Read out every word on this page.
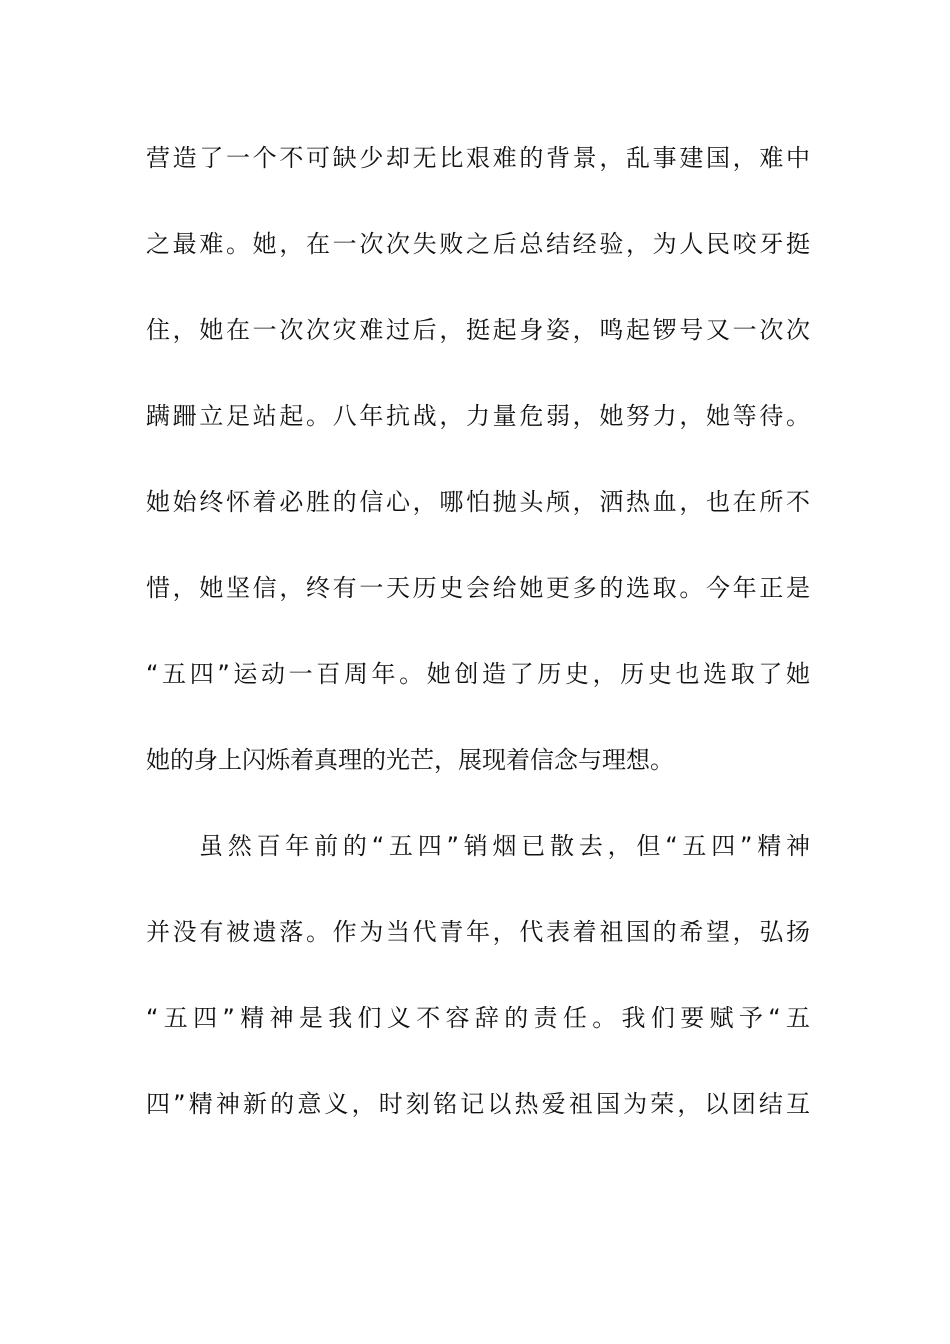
营造了一个不可缺少却无比艰难的背景，乱事建国，难中
之最难。她，在一次次失败之后总结经验，为人民咬牙挺
住，她在一次次灾难过后，挺起身姿，鸣起锣号又一次次
蹒跚立足站起。八年抗战，力量危弱，她努力，她等待。
她始终怀着必胜的信心，哪怕抛头颅，洒热血，也在所不
惜，她坚信，终有一天历史会给她更多的选取。今年正是
“五四”运动一百周年。她创造了历史，历史也选取了她
她的身上闪烁着真理的光芒，展现着信念与理想。
虽然百年前的“五四”销烟已散去，但“五四”精神
并没有被遗落。作为当代青年，代表着祖国的希望，弘扬
“五四”精神是我们义不容辞的责任。我们要赋予“五
四”精神新的意义，时刻铭记以热爱祖国为荣，以团结互
